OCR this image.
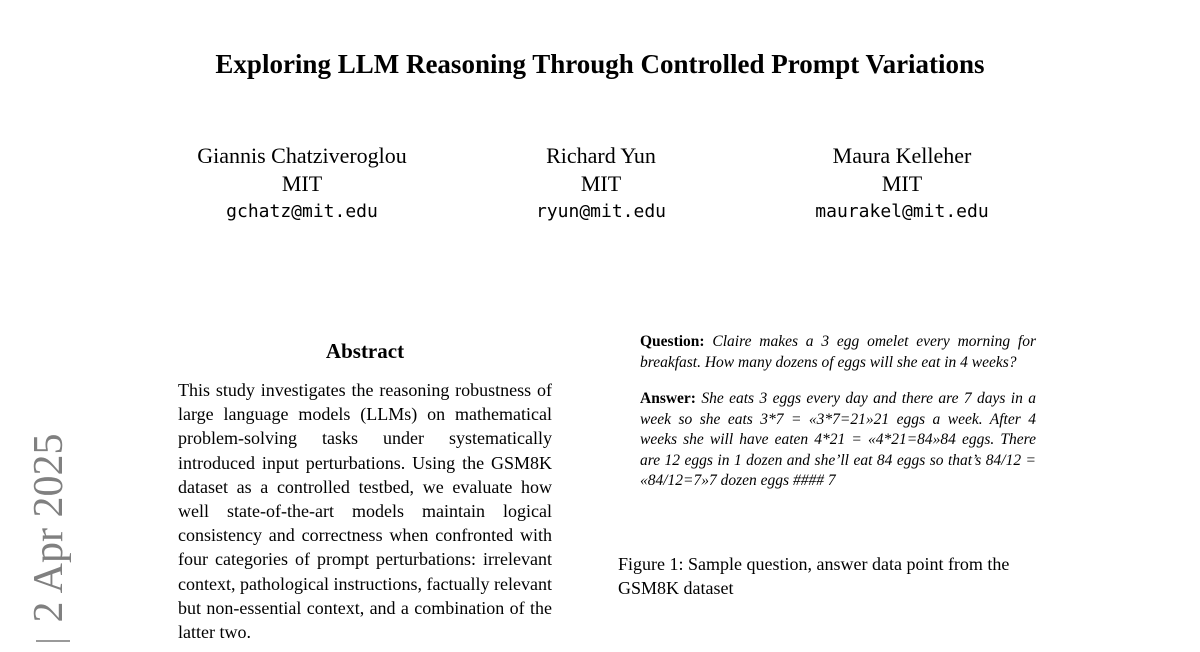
Exploring LLM Reasoning Through Controlled Prompt Variations
Giannis Chatziveroglou
MIT
gchatz@mit.edu
Richard Yun
MIT
ryun@mit.edu
Maura Kelleher
MIT
maurakel@mit.edu
2 Apr 2025
Abstract
This study investigates the reasoning robustness of large language models (LLMs) on mathematical problem-solving tasks under systematically introduced input perturbations. Using the GSM8K dataset as a controlled testbed, we evaluate how well state-of-the-art models maintain logical consistency and correctness when confronted with four categories of prompt perturbations: irrelevant context, pathological instructions, factually relevant but non-essential context, and a combination of the latter two.
Question: Claire makes a 3 egg omelet every morning for breakfast. How many dozens of eggs will she eat in 4 weeks?
Answer: She eats 3 eggs every day and there are 7 days in a week so she eats 3*7 = «3*7=21»21 eggs a week. After 4 weeks she will have eaten 4*21 = «4*21=84»84 eggs. There are 12 eggs in 1 dozen and she’ll eat 84 eggs so that’s 84/12 = «84/12=7»7 dozen eggs #### 7
Figure 1: Sample question, answer data point from the GSM8K dataset
